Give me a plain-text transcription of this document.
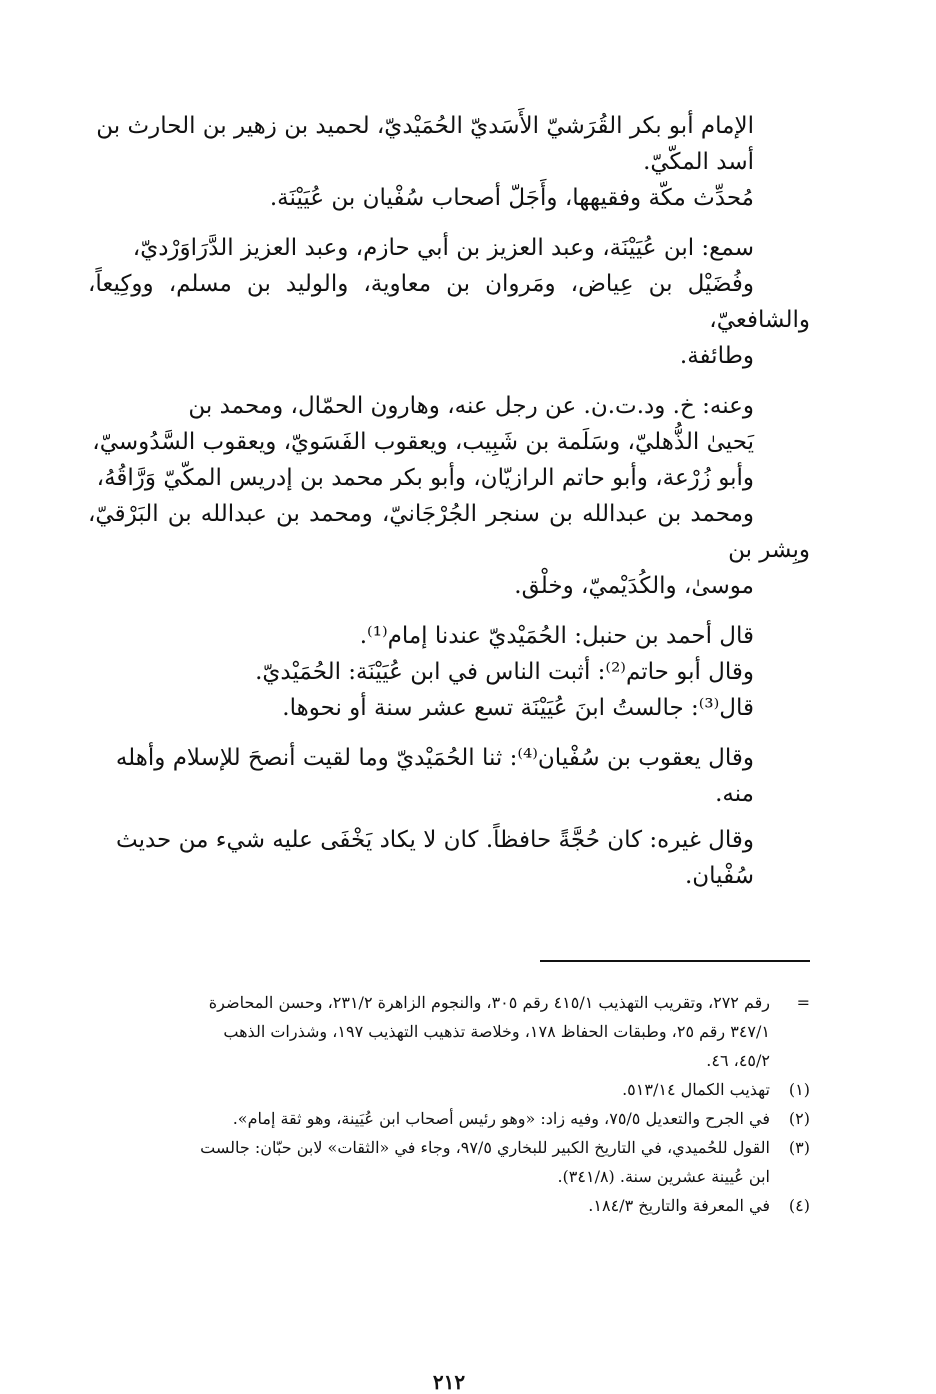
الإمام أبو بكر القُرَشيّ الأَسَديّ الحُمَيْديّ، لحميد بن زهير بن الحارث بن
أسد المكّيّ.

مُحدِّث مكّة وفقيهها، وأَجَلّ أصحاب سُفْيان بن عُيَيْنَة.

سمع: ابن عُيَيْنَة، وعبد العزيز بن أبي حازم، وعبد العزيز الدَّرَاوَرْديّ،
وفُضَيْل بن عِياض، ومَروان بن معاوية، والوليد بن مسلم، ووكِيعاً، والشافعيّ،
وطائفة.

وعنه: خ. ود.ت.ن. عن رجل عنه، وهارون الحمّال، ومحمد بن
يَحيىٰ الذُّهليّ، وسَلَمة بن شَبِيب، ويعقوب الفَسَويّ، ويعقوب السَّدُوسيّ،
وأبو زُرْعة، وأبو حاتم الرازيّان، وأبو بكر محمد بن إدريس المكّيّ وَرَّاقُهُ،
ومحمد بن عبدالله بن سنجر الجُرْجَانيّ، ومحمد بن عبدالله بن البَرْقيّ، وبِشر بن
موسىٰ، والكُدَيْميّ، وخلْق.

قال أحمد بن حنبل: الحُمَيْديّ عندنا إمام⁽¹⁾.

وقال أبو حاتم⁽²⁾: أثبت الناس في ابن عُيَيْنَة: الحُمَيْديّ.

قال⁽³⁾: جالستُ ابنَ عُيَيْنَة تسع عشر سنة أو نحوها.

وقال يعقوب بن سُفْيان⁽⁴⁾: ثنا الحُمَيْديّ وما لقيت أنصحَ للإسلام وأهله
منه.

وقال غيره: كان حُجَّةً حافظاً. كان لا يكاد يَخْفَى عليه شيء من حديث
سُفْيان.

=
رقم ٢٧٢، وتقريب التهذيب ٤١٥/١ رقم ٣٠٥، والنجوم الزاهرة ٢٣١/٢، وحسن المحاضرة
٣٤٧/١ رقم ٢٥، وطبقات الحفاظ ١٧٨، وخلاصة تذهيب التهذيب ١٩٧، وشذرات الذهب
٤٥/٢، ٤٦.
(١)
تهذيب الكمال ٥١٣/١٤.
(٢)
في الجرح والتعديل ٧٥/٥، وفيه زاد: «وهو رئيس أصحاب ابن عُيَينة، وهو ثقة إمام».
(٣)
القول للحُميدي، في التاريخ الكبير للبخاري ٩٧/٥، وجاء في «الثقات» لابن حبّان: جالست
ابن عُيينة عشرين سنة. (٣٤١/٨).
(٤)
في المعرفة والتاريخ ١٨٤/٣.
٢١٢
